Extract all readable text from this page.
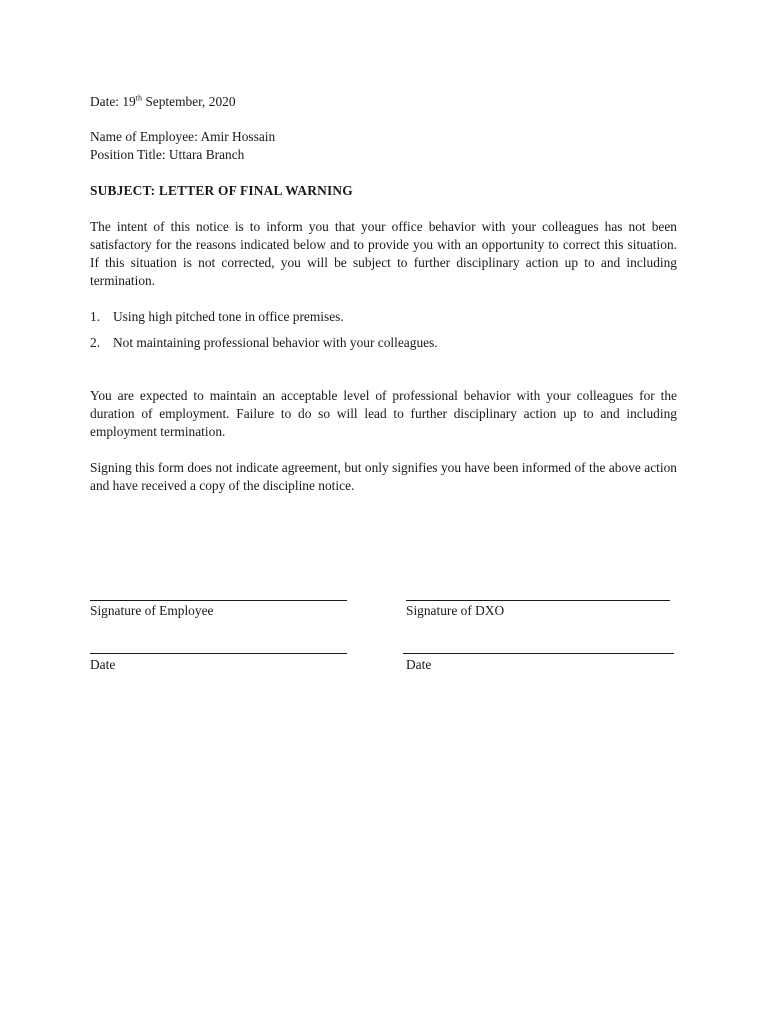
Date: 19th September, 2020
Name of Employee: Amir Hossain
Position Title: Uttara Branch
SUBJECT: LETTER OF FINAL WARNING
The intent of this notice is to inform you that your office behavior with your colleagues has not been satisfactory for the reasons indicated below and to provide you with an opportunity to correct this situation. If this situation is not corrected, you will be subject to further disciplinary action up to and including termination.
1. Using high pitched tone in office premises.
2. Not maintaining professional behavior with your colleagues.
You are expected to maintain an acceptable level of professional behavior with your colleagues for the duration of employment. Failure to do so will lead to further disciplinary action up to and including employment termination.
Signing this form does not indicate agreement, but only signifies you have been informed of the above action and have received a copy of the discipline notice.
Signature of Employee	Signature of DXO
Date	Date
